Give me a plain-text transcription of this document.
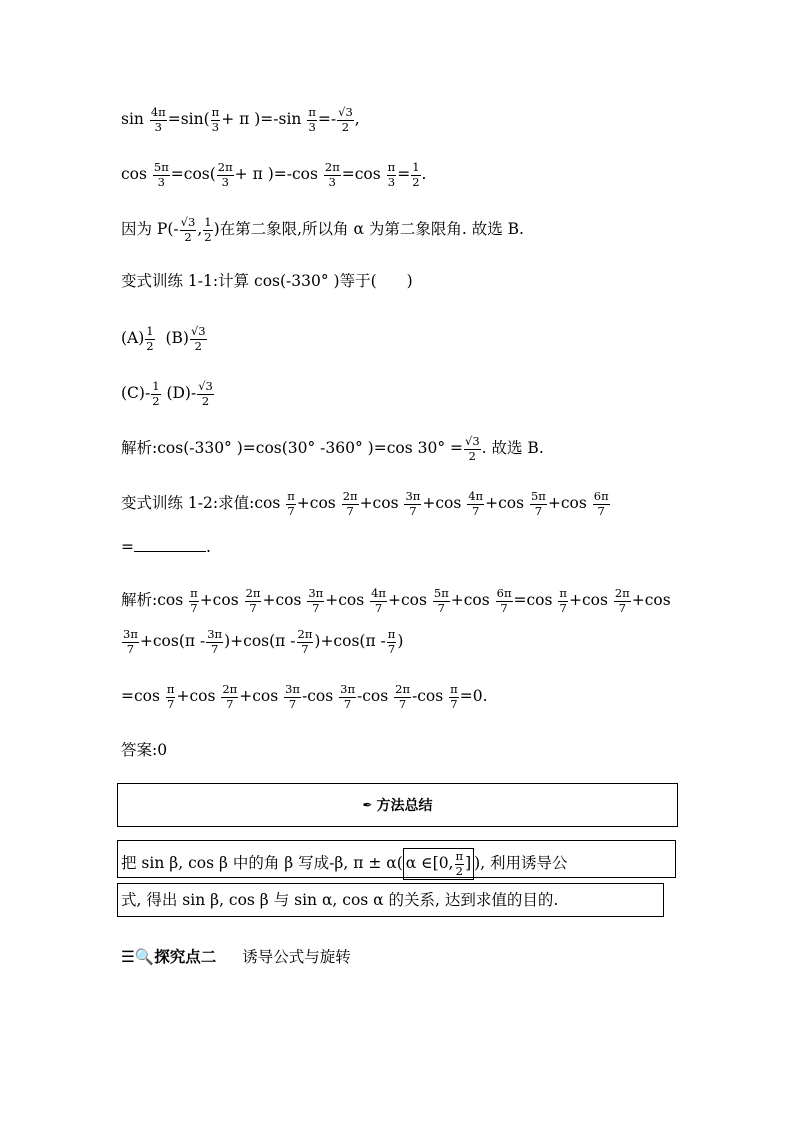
$\sin \frac{4\pi}{3} =\sin( \frac{\pi}{3} + \pi$ )$=-\sin \frac{\pi}{3} =- \frac{√3}{2}$ ,
$\cos \frac{5\pi}{3} =\cos( \frac{2\pi}{3} + \pi$ )$=-\cos \frac{2\pi}{3} =\cos \frac{\pi}{3} = \frac{1}{2}$ .
因为 $P(- \frac{√3}{2}$ , $\frac{1}{2}$ )在第二象限,所以角 α 为第二象限角. 故选 B.
变式训练 1-1:计算 cos(-330° )等于( )
$(A) \frac{1}{2} (B) \frac{√3}{2}$
$(C)- \frac{1}{2} (D)- \frac{√3}{2}$
解析:cos(-330° )=cos(30° -360° )=cos $30^\circ = \frac{√3}{2}$ . 故选 B.
变式训练 1-2:求值:cos $\frac{\pi}{7} +\cos \frac{2\pi}{7} +\cos \frac{3\pi}{7} +\cos \frac{4\pi}{7} +\cos \frac{5\pi}{7} +\cos \frac{6\pi}{7}$
=	.
解析:cos $\frac{\pi}{7} +\cos \frac{2\pi}{7} +\cos \frac{3\pi}{7} +\cos \frac{4\pi}{7} +\cos \frac{5\pi}{7} +\cos \frac{6\pi}{7} =\cos \frac{\pi}{7} +\cos \frac{2\pi}{7} +\cos$
$\frac{3\pi}{7} +\cos(\pi - \frac{3\pi}{7} )+\cos(\pi - \frac{2\pi}{7} )+\cos(\pi - \frac{\pi}{7}$ )
$=\cos \frac{\pi}{7} +\cos \frac{2\pi}{7} +\cos \frac{3\pi}{7} -\cos \frac{3\pi}{7} -\cos \frac{2\pi}{7} -\cos \frac{\pi}{7} =0$.
答案:0
✒ 方法总结
把 sin β, cos β 中的角 β 写成-β, π ± α( α ∈[0, $\frac{\pi}{2}$ ] ), 利用诱导公
式, 得出 sin β, cos β 与 sin α, cos α 的关系, 达到求值的目的.
☰🔍探究点二 诱导公式与旋转
